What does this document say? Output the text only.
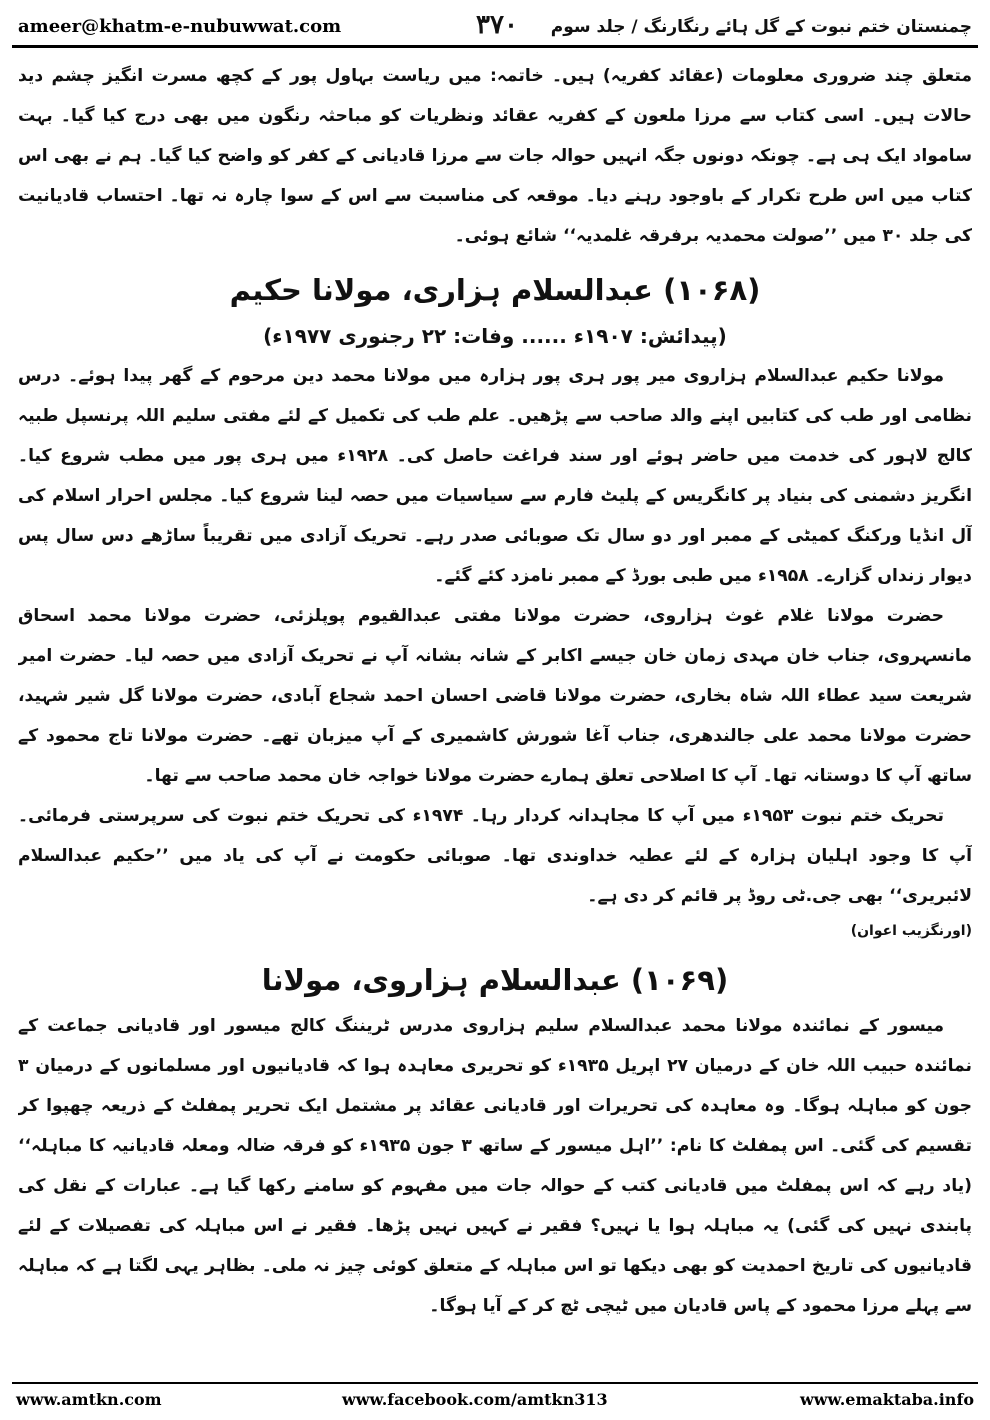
ameer@khatm-e-nubuwwat.com	۳۷۰	چمنستان ختم نبوت کے گل ہائے رنگارنگ / جلد سوم

متعلق چند ضروری معلومات (عقائد کفریہ) ہیں۔ خاتمہ: میں ریاست بہاول پور کے کچھ مسرت انگیز چشم دید حالات ہیں۔ اسی کتاب سے مرزا ملعون کے کفریہ عقائد ونظریات کو مباحثہ رنگون میں بھی درج کیا گیا۔ بہت سامواد ایک ہی ہے۔ چونکہ دونوں جگہ انہیں حوالہ جات سے مرزا قادیانی کے کفر کو واضح کیا گیا۔ ہم نے بھی اس کتاب میں اس طرح تکرار کے باوجود رہنے دیا۔ موقعہ کی مناسبت سے اس کے سوا چارہ نہ تھا۔ احتساب قادیانیت کی جلد ۳۰ میں ’’صولت محمدیہ برفرقہ غلمدیہ‘‘ شائع ہوئی۔

(۱۰۶۸) عبدالسلام ہزاری، مولانا حکیم

(پیدائش: ۱۹۰۷ء ...... وفات: ۲۲ رجنوری ۱۹۷۷ء)

مولانا حکیم عبدالسلام ہزاروی میر پور ہری پور ہزارہ میں مولانا محمد دین مرحوم کے گھر پیدا ہوئے۔ درس نظامی اور طب کی کتابیں اپنے والد صاحب سے پڑھیں۔ علم طب کی تکمیل کے لئے مفتی سلیم اللہ پرنسپل طبیہ کالج لاہور کی خدمت میں حاضر ہوئے اور سند فراغت حاصل کی۔ ۱۹۲۸ء میں ہری پور میں مطب شروع کیا۔ انگریز دشمنی کی بنیاد پر کانگریس کے پلیٹ فارم سے سیاسیات میں حصہ لینا شروع کیا۔ مجلس احرار اسلام کی آل انڈیا ورکنگ کمیٹی کے ممبر اور دو سال تک صوبائی صدر رہے۔ تحریک آزادی میں تقریباً ساڑھے دس سال پس دیوار زنداں گزارے۔ ۱۹۵۸ء میں طبی بورڈ کے ممبر نامزد کئے گئے۔

حضرت مولانا غلام غوث ہزاروی، حضرت مولانا مفتی عبدالقیوم پوپلزئی، حضرت مولانا محمد اسحاق مانسہروی، جناب خان مہدی زمان خان جیسے اکابر کے شانہ بشانہ آپ نے تحریک آزادی میں حصہ لیا۔ حضرت امیر شریعت سید عطاء اللہ شاہ بخاری، حضرت مولانا قاضی احسان احمد شجاع آبادی، حضرت مولانا گل شیر شہید، حضرت مولانا محمد علی جالندھری، جناب آغا شورش کاشمیری کے آپ میزبان تھے۔ حضرت مولانا تاج محمود کے ساتھ آپ کا دوستانہ تھا۔ آپ کا اصلاحی تعلق ہمارے حضرت مولانا خواجہ خان محمد صاحب سے تھا۔

تحریک ختم نبوت ۱۹۵۳ء میں آپ کا مجاہدانہ کردار رہا۔ ۱۹۷۴ء کی تحریک ختم نبوت کی سرپرستی فرمائی۔ آپ کا وجود اہلیان ہزارہ کے لئے عطیہ خداوندی تھا۔ صوبائی حکومت نے آپ کی یاد میں ’’حکیم عبدالسلام لائبریری‘‘ بھی جی.ٹی روڈ پر قائم کر دی ہے۔

(اورنگزیب اعوان)

(۱۰۶۹) عبدالسلام ہزاروی، مولانا

میسور کے نمائندہ مولانا محمد عبدالسلام سلیم ہزاروی مدرس ٹریننگ کالج میسور اور قادیانی جماعت کے نمائندہ حبیب اللہ خان کے درمیان ۲۷ اپریل ۱۹۳۵ء کو تحریری معاہدہ ہوا کہ قادیانیوں اور مسلمانوں کے درمیان ۳ جون کو مباہلہ ہوگا۔ وہ معاہدہ کی تحریرات اور قادیانی عقائد پر مشتمل ایک تحریر پمفلٹ کے ذریعہ چھپوا کر تقسیم کی گئی۔ اس پمفلٹ کا نام: ’’اہل میسور کے ساتھ ۳ جون ۱۹۳۵ء کو فرقہ ضالہ ومعلہ قادیانیہ کا مباہلہ‘‘ (یاد رہے کہ اس پمفلٹ میں قادیانی کتب کے حوالہ جات میں مفہوم کو سامنے رکھا گیا ہے۔ عبارات کے نقل کی پابندی نہیں کی گئی) یہ مباہلہ ہوا یا نہیں؟ فقیر نے کہیں نہیں پڑھا۔ فقیر نے اس مباہلہ کی تفصیلات کے لئے قادیانیوں کی تاریخ احمدیت کو بھی دیکھا تو اس مباہلہ کے متعلق کوئی چیز نہ ملی۔ بظاہر یہی لگتا ہے کہ مباہلہ سے پہلے مرزا محمود کے پاس قادیان میں ٹیچی ٹچ کر کے آیا ہوگا۔

www.amtkn.com	www.facebook.com/amtkn313	www.emaktaba.info
